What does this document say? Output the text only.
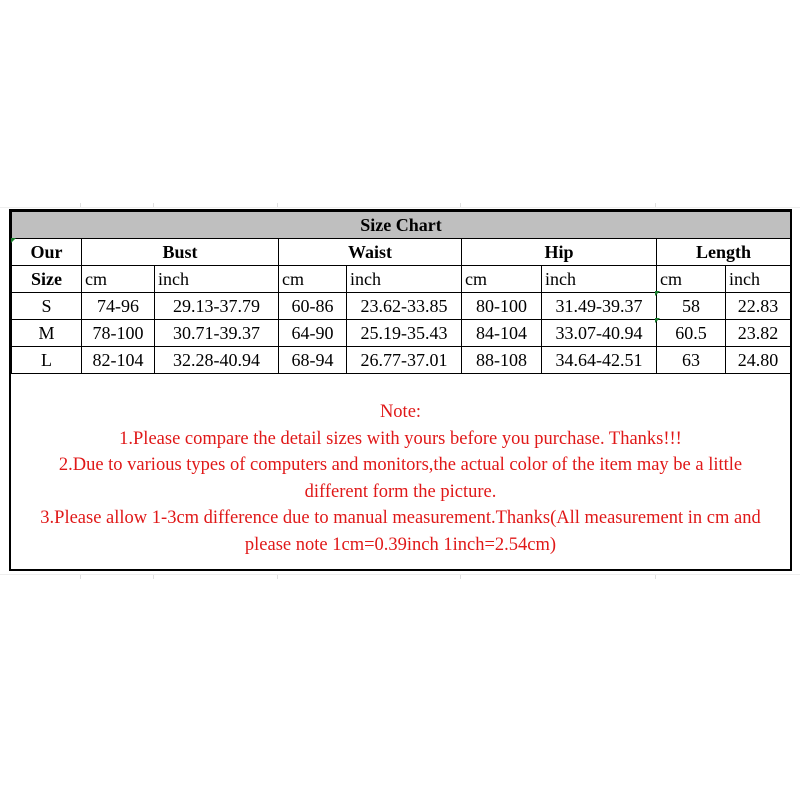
Size Chart								
Our	Bust		Waist		Hip		Length	
Size	cm	inch	cm	inch	cm	inch	cm	inch
S	74-96	29.13-37.79	60-86	23.62-33.85	80-100	31.49-39.37	58	22.83
M	78-100	30.71-39.37	64-90	25.19-35.43	84-104	33.07-40.94	60.5	23.82
L	82-104	32.28-40.94	68-94	26.77-37.01	88-108	34.64-42.51	63	24.80
Note:
1.Please compare the detail sizes with yours before you purchase. Thanks!!!
2.Due to various types of computers and monitors,the actual color of the item may be a little
different form the picture.
3.Please allow 1-3cm difference due to manual measurement.Thanks(All measurement in cm and
please note 1cm=0.39inch 1inch=2.54cm)
